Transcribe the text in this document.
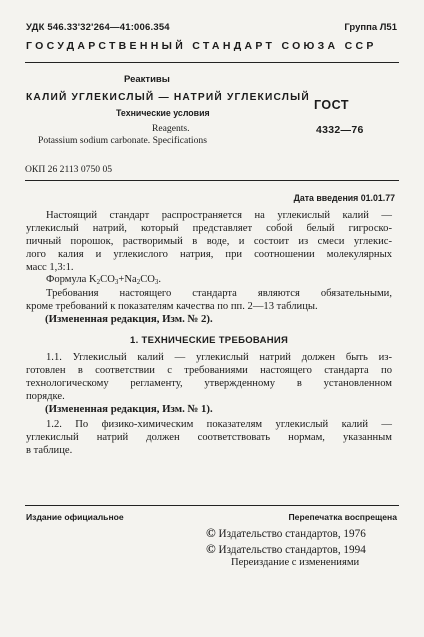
УДК 546.33'32'264—41:006.354	Группа Л51
ГОСУДАРСТВЕННЫЙ СТАНДАРТ СОЮЗА ССР
Реактивы
КАЛИЙ УГЛЕКИСЛЫЙ — НАТРИЙ УГЛЕКИСЛЫЙ
Технические условия
Reagents.
Potassium sodium carbonate. Specifications
ГОСТ
4332—76
ОКП 26 2113 0750 05
Дата введения 01.01.77
Настоящий стандарт распространяется на углекислый калий —
углекислый натрий, который представляет собой белый гигроско-
пичный порошок, растворимый в воде, и состоит из смеси углекис-
лого калия и углекислого натрия, при соотношении молекулярных
масс 1,3:1.
Формула $K_2CO_3+Na_2CO_3$.
Требования настоящего стандарта являются обязательными,
кроме требований к показателям качества по пп. 2—13 таблицы.
(Измененная редакция, Изм. № 2).
1. ТЕХНИЧЕСКИЕ ТРЕБОВАНИЯ
1.1. Углекислый калий — углекислый натрий должен быть из-
готовлен в соответствии с требованиями настоящего стандарта по
технологическому регламенту, утвержденному в установленном
порядке.
(Измененная редакция, Изм. № 1).
1.2. По физико-химическим показателям углекислый калий —
углекислый натрий должен соответствовать нормам, указанным
в таблице.
Издание официальное	Перепечатка воспрещена
© Издательство стандартов, 1976
© Издательство стандартов, 1994
Переиздание с изменениями
